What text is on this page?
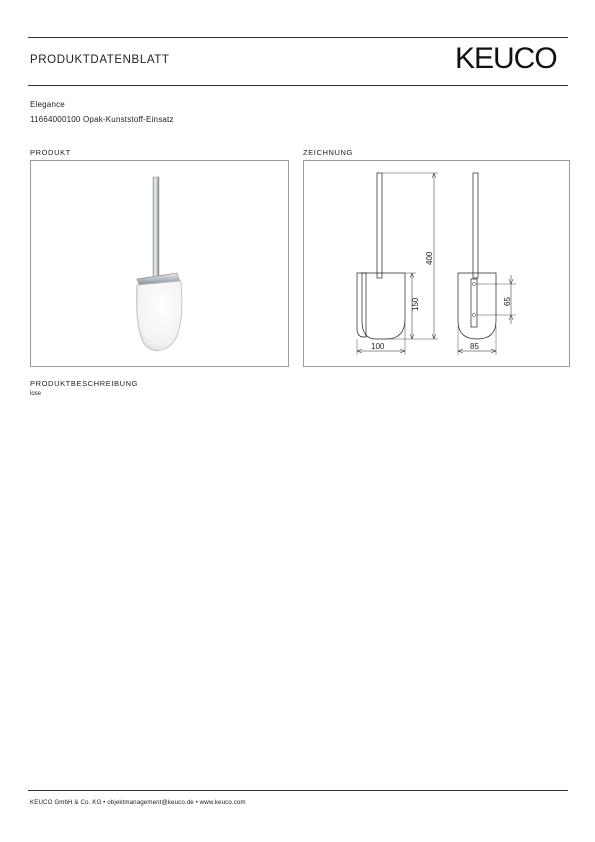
PRODUKTDATENBLATT	KEUCO
Elegance
11664000100 Opak-Kunststoff-Einsatz
PRODUKT	ZEICHNUNG
400
150
100	85
65
PRODUKTBESCHREIBUNG
lose
KEUCO GmbH & Co. KG • objektmanagement@keuco.de • www.keuco.com
